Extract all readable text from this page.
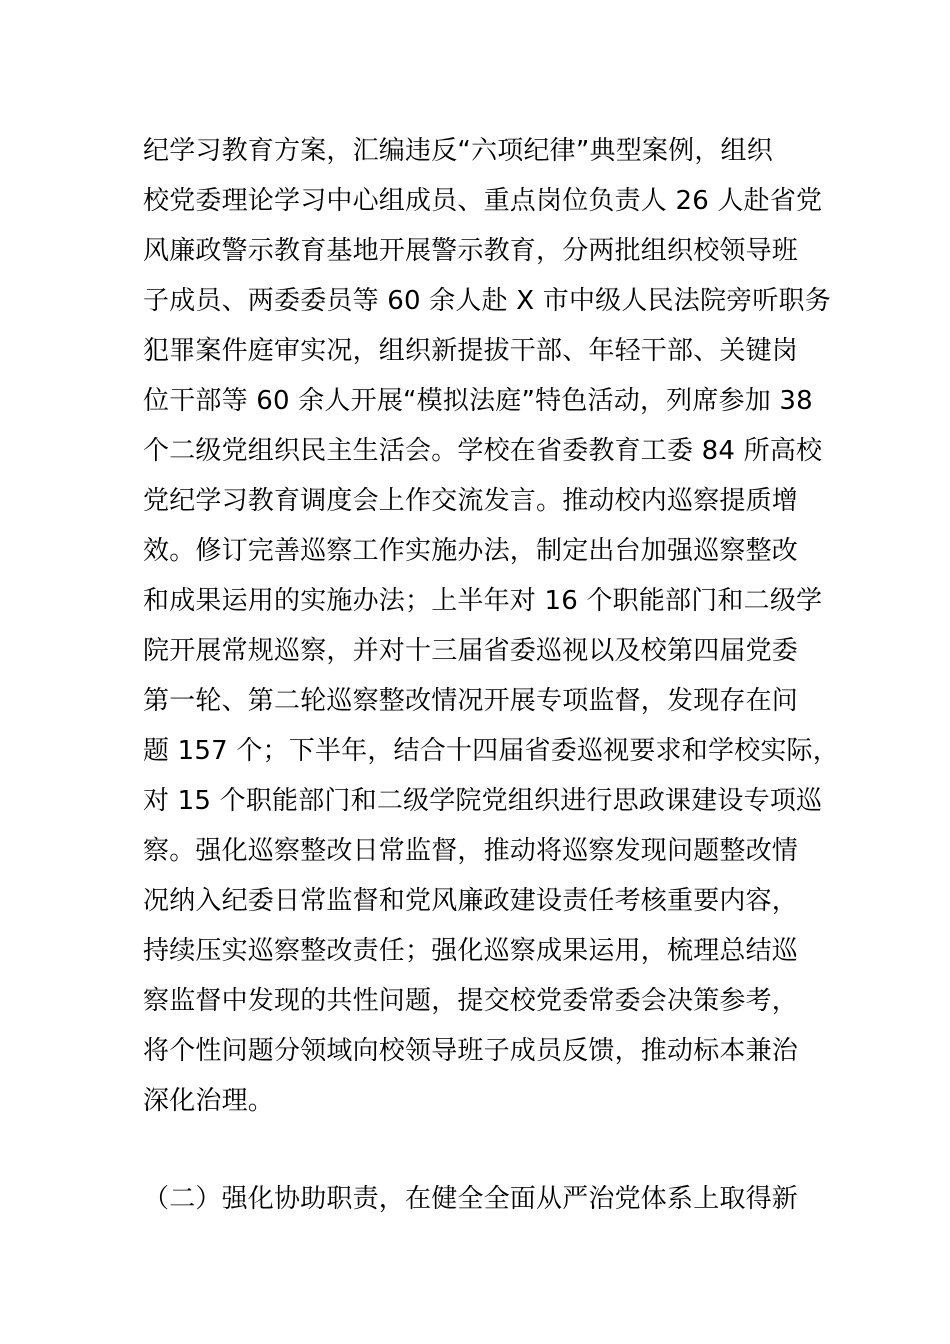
纪学习教育方案，汇编违反“六项纪律”典型案例，组织
校党委理论学习中心组成员、重点岗位负责人 26 人赴省党
风廉政警示教育基地开展警示教育，分两批组织校领导班
子成员、两委委员等 60 余人赴 X 市中级人民法院旁听职务
犯罪案件庭审实况，组织新提拔干部、年轻干部、关键岗
位干部等 60 余人开展“模拟法庭”特色活动，列席参加 38
个二级党组织民主生活会。学校在省委教育工委 84 所高校
党纪学习教育调度会上作交流发言。推动校内巡察提质增
效。修订完善巡察工作实施办法，制定出台加强巡察整改
和成果运用的实施办法；上半年对 16 个职能部门和二级学
院开展常规巡察，并对十三届省委巡视以及校第四届党委
第一轮、第二轮巡察整改情况开展专项监督，发现存在问
题 157 个；下半年，结合十四届省委巡视要求和学校实际，
对 15 个职能部门和二级学院党组织进行思政课建设专项巡
察。强化巡察整改日常监督，推动将巡察发现问题整改情
况纳入纪委日常监督和党风廉政建设责任考核重要内容，
持续压实巡察整改责任；强化巡察成果运用，梳理总结巡
察监督中发现的共性问题，提交校党委常委会决策参考，
将个性问题分领域向校领导班子成员反馈，推动标本兼治
深化治理。
（二）强化协助职责，在健全全面从严治党体系上取得新
